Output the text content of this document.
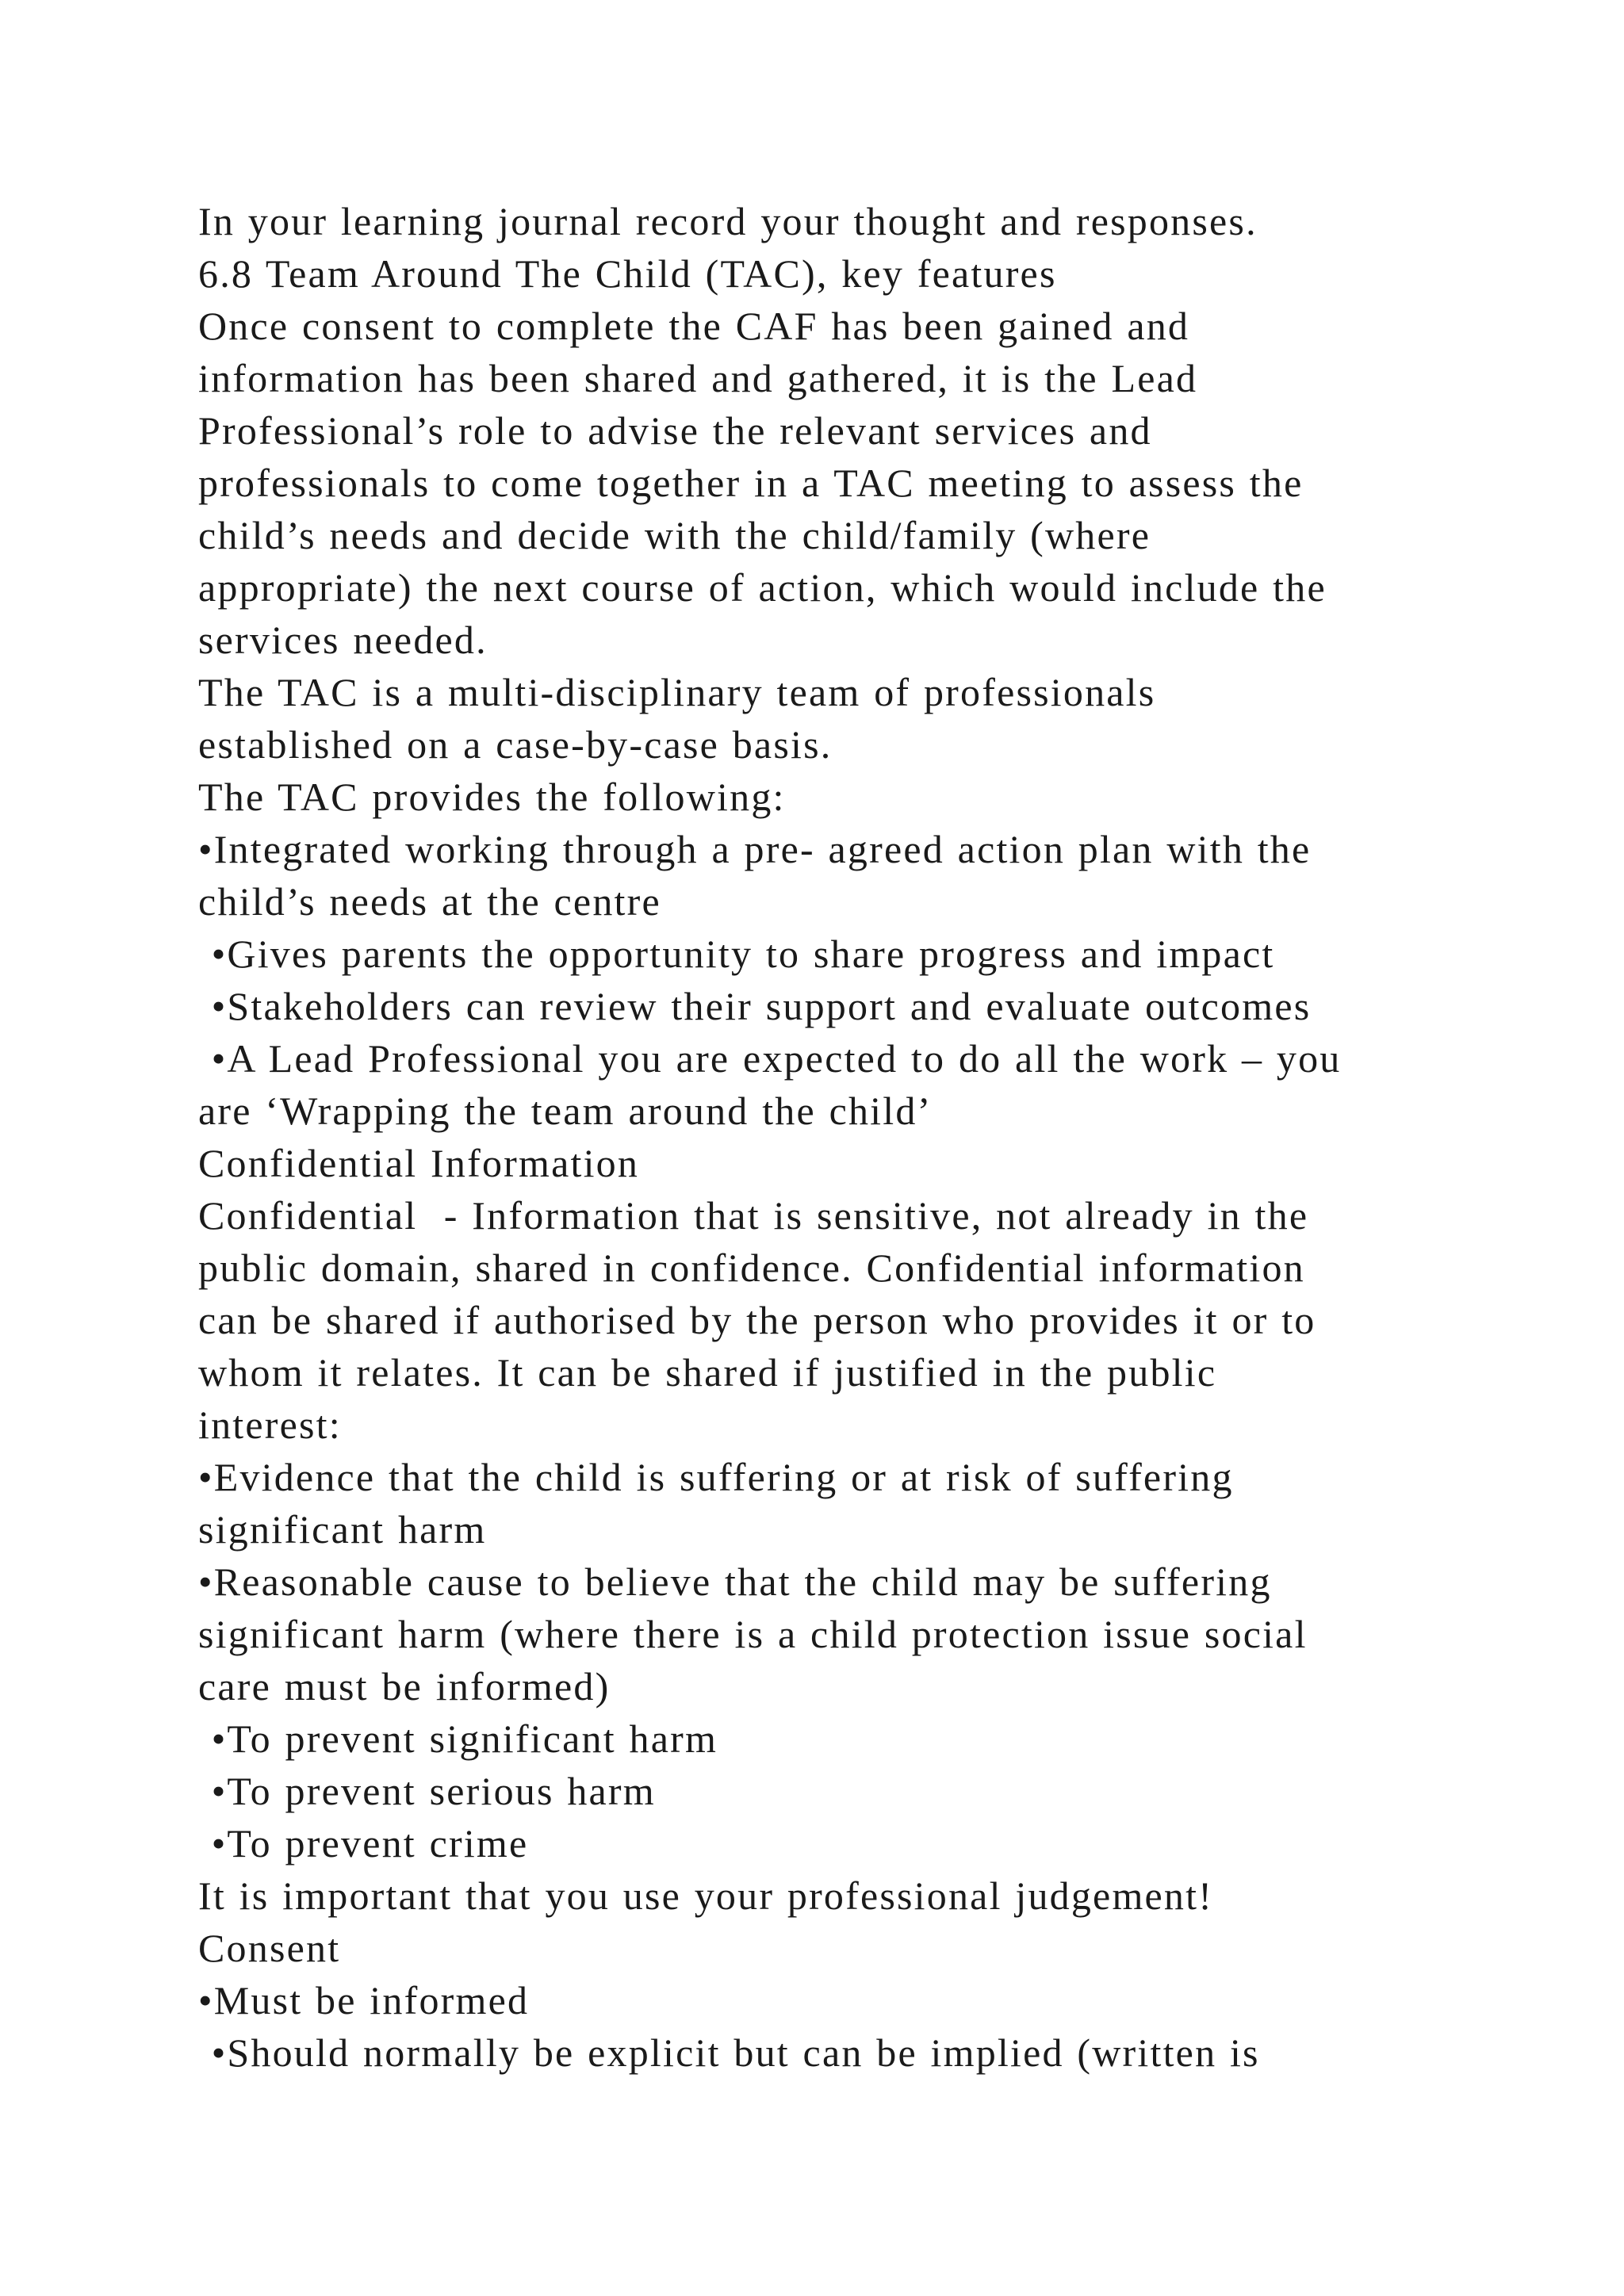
In your learning journal record your thought and responses.
6.8 Team Around The Child (TAC), key features
Once consent to complete the CAF has been gained and
information has been shared and gathered, it is the Lead
Professional’s role to advise the relevant services and
professionals to come together in a TAC meeting to assess the
child’s needs and decide with the child/family (where
appropriate) the next course of action, which would include the
services needed.
The TAC is a multi-disciplinary team of professionals
established on a case-by-case basis.
The TAC provides the following:
•Integrated working through a pre- agreed action plan with the
child’s needs at the centre
•Gives parents the opportunity to share progress and impact
•Stakeholders can review their support and evaluate outcomes
•A Lead Professional you are expected to do all the work – you
are ‘Wrapping the team around the child’
Confidential Information
Confidential  - Information that is sensitive, not already in the
public domain, shared in confidence. Confidential information
can be shared if authorised by the person who provides it or to
whom it relates. It can be shared if justified in the public
interest:
•Evidence that the child is suffering or at risk of suffering
significant harm
•Reasonable cause to believe that the child may be suffering
significant harm (where there is a child protection issue social
care must be informed)
•To prevent significant harm
•To prevent serious harm
•To prevent crime
It is important that you use your professional judgement!
Consent
•Must be informed
•Should normally be explicit but can be implied (written is
